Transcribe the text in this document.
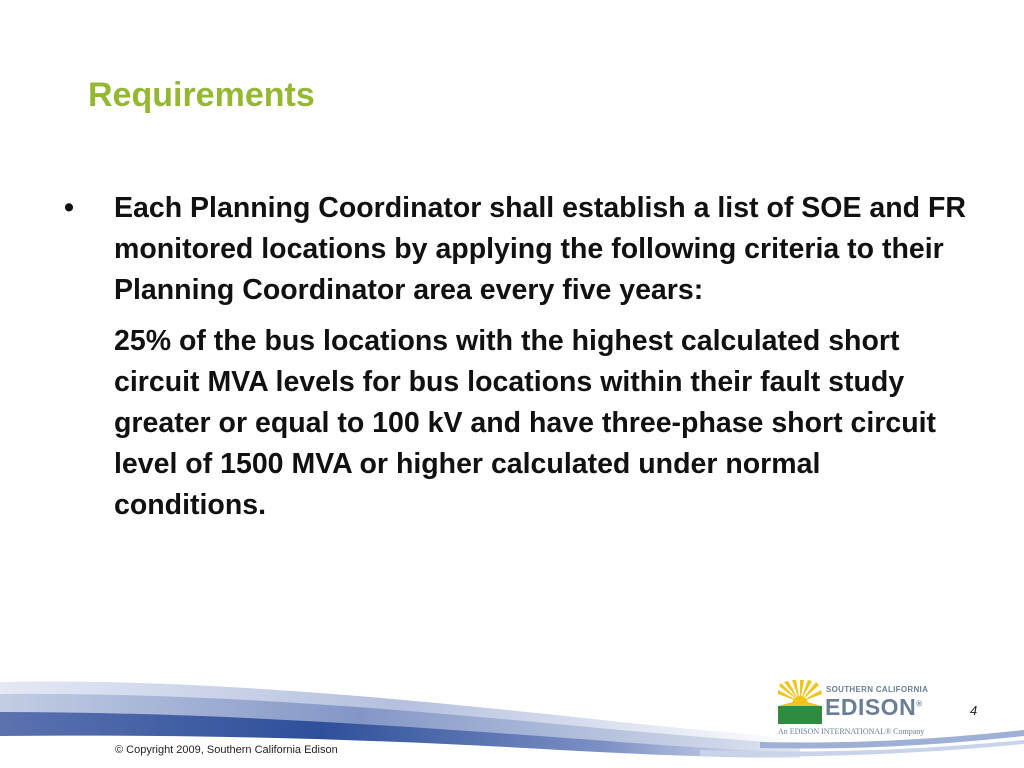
Requirements
•	Each Planning Coordinator shall establish a list of SOE and FR monitored locations by applying the following criteria to their Planning Coordinator area every five years:
25% of the bus locations with the highest calculated short circuit MVA levels for bus locations within their fault study greater or equal to 100 kV and have three-phase short circuit level of 1500 MVA or higher calculated under normal conditions.
SOUTHERN CALIFORNIA
EDISON®
An EDISON INTERNATIONAL® Company
4
© Copyright 2009, Southern California Edison
